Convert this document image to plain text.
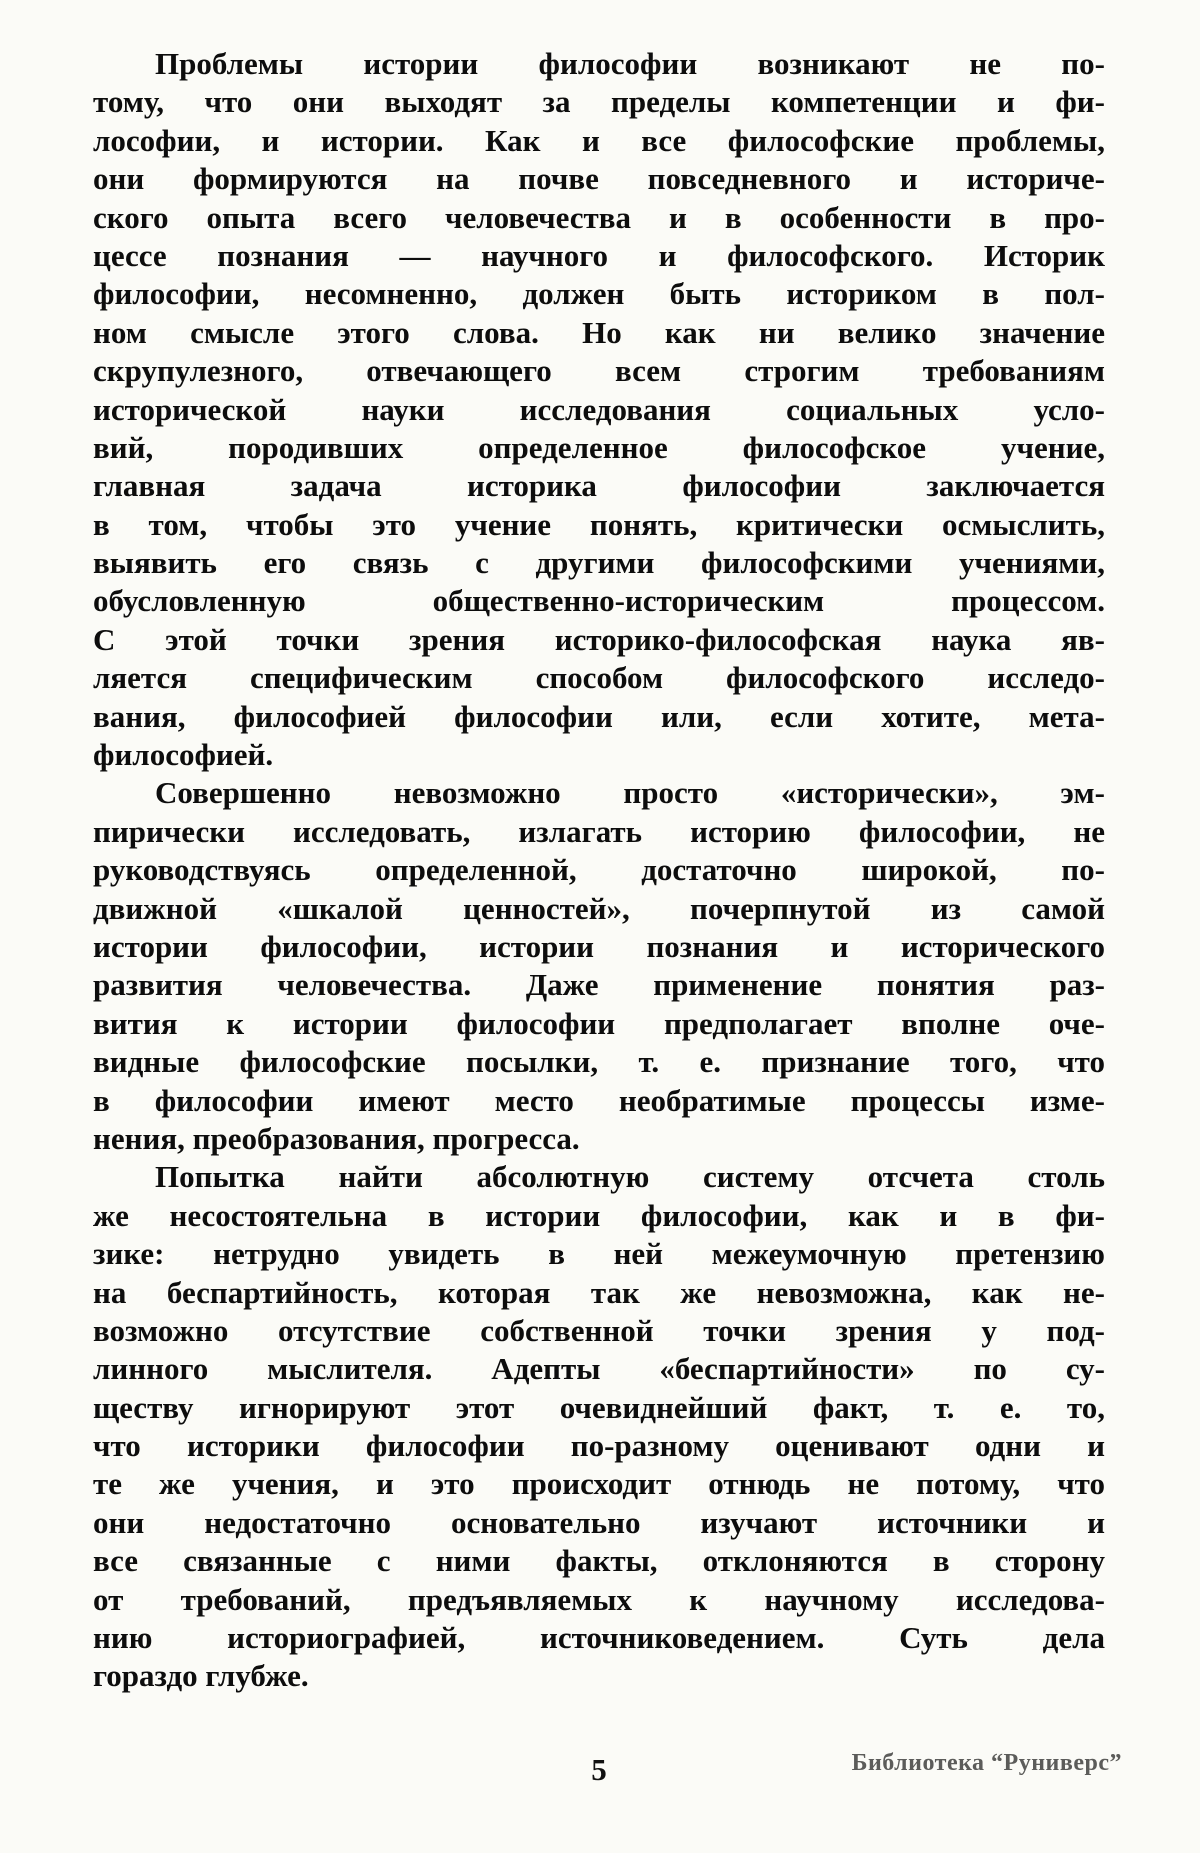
Проблемы истории философии возникают не по-
тому, что они выходят за пределы компетенции и фи-
лософии, и истории. Как и все философские проблемы,
они формируются на почве повседневного и историче-
ского опыта всего человечества и в особенности в про-
цессе познания — научного и философского. Историк
философии, несомненно, должен быть историком в пол-
ном смысле этого слова. Но как ни велико значение
скрупулезного, отвечающего всем строгим требованиям
исторической науки исследования социальных усло-
вий, породивших определенное философское учение,
главная задача историка философии заключается
в том, чтобы это учение понять, критически осмыслить,
выявить его связь с другими философскими учениями,
обусловленную общественно-историческим процессом.
С этой точки зрения историко-философская наука яв-
ляется специфическим способом философского исследо-
вания, философией философии или, если хотите, мета-
философией.
Совершенно невозможно просто «исторически», эм-
пирически исследовать, излагать историю философии, не
руководствуясь определенной, достаточно широкой, по-
движной «шкалой ценностей», почерпнутой из самой
истории философии, истории познания и исторического
развития человечества. Даже применение понятия раз-
вития к истории философии предполагает вполне оче-
видные философские посылки, т. е. признание того, что
в философии имеют место необратимые процессы изме-
нения, преобразования, прогресса.
Попытка найти абсолютную систему отсчета столь
же несостоятельна в истории философии, как и в фи-
зике: нетрудно увидеть в ней межеумочную претензию
на беспартийность, которая так же невозможна, как не-
возможно отсутствие собственной точки зрения у под-
линного мыслителя. Адепты «беспартийности» по су-
ществу игнорируют этот очевиднейший факт, т. е. то,
что историки философии по-разному оценивают одни и
те же учения, и это происходит отнюдь не потому, что
они недостаточно основательно изучают источники и
все связанные с ними факты, отклоняются в сторону
от требований, предъявляемых к научному исследова-
нию историографией, источниковедением. Суть дела
гораздо глубже.
5	Библиотека “Руниверс”
